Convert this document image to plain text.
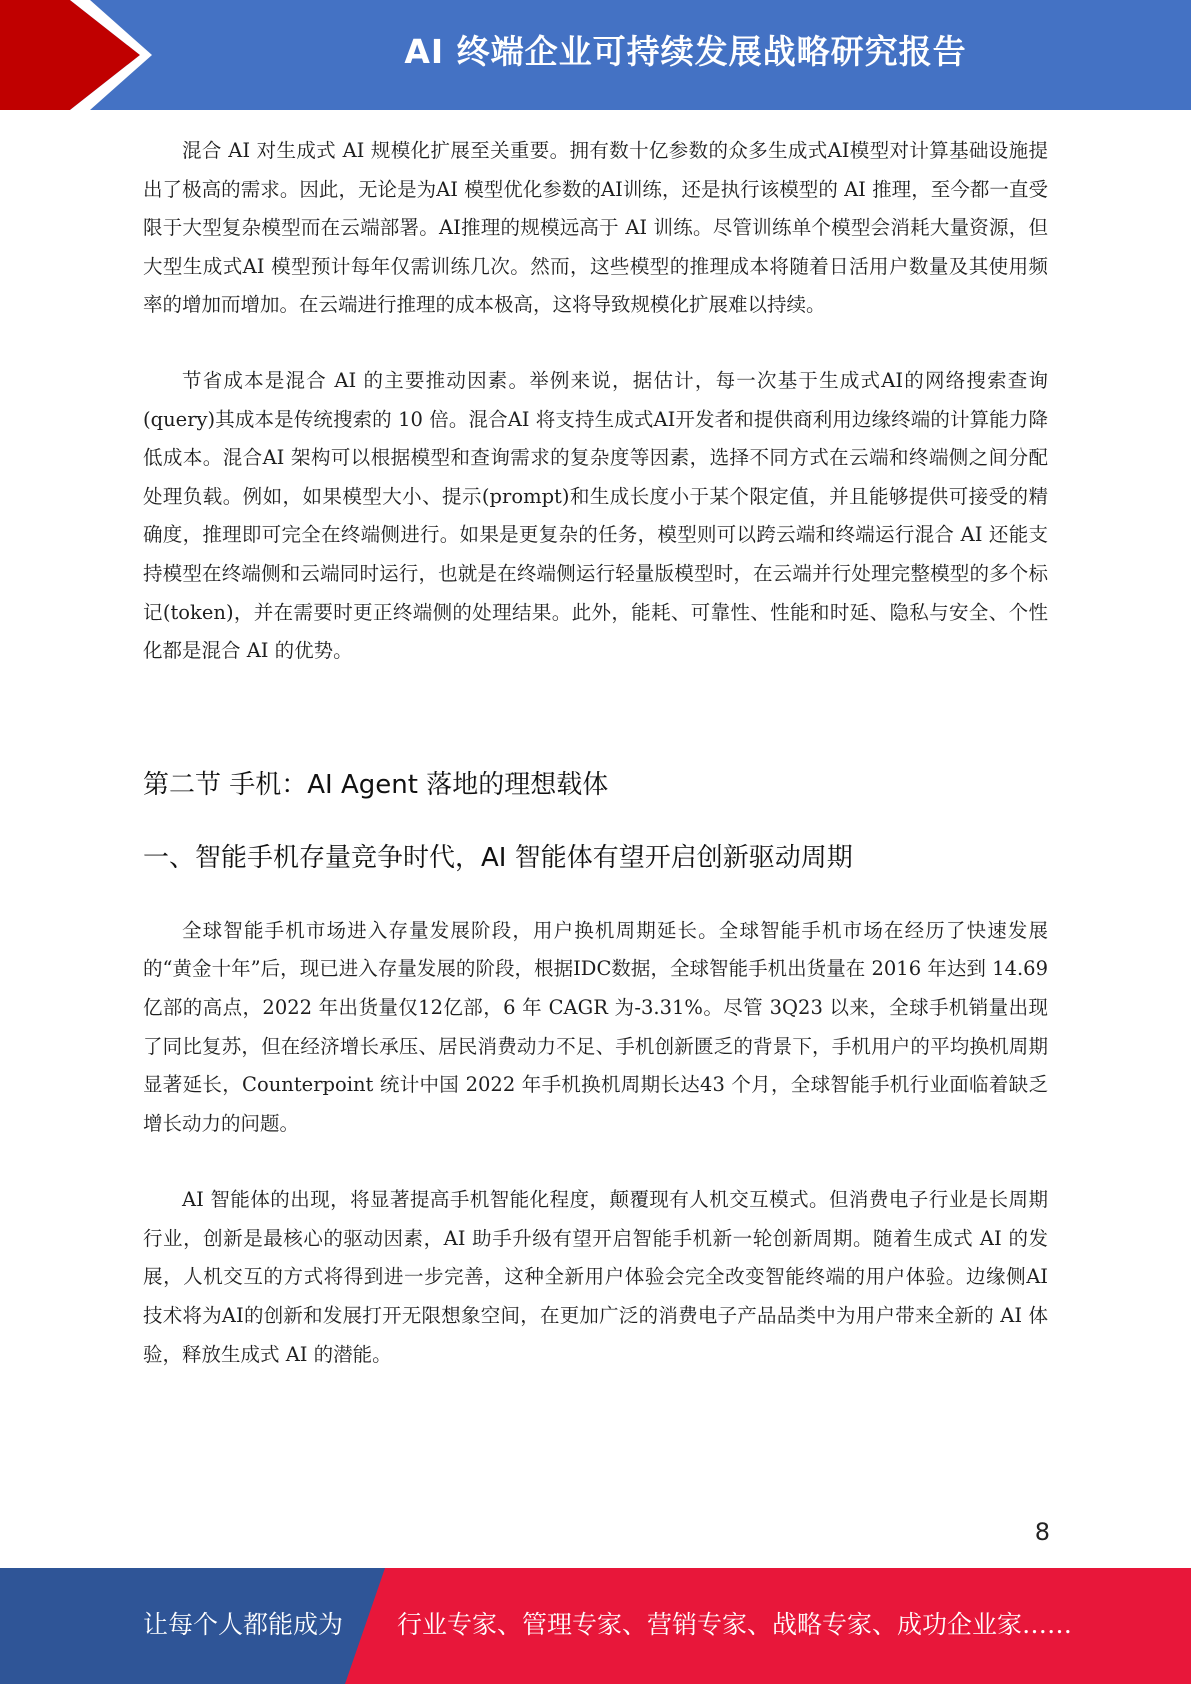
AI 终端企业可持续发展战略研究报告

混合 AI 对生成式 AI 规模化扩展至关重要。拥有数十亿参数的众多生成式AI模型对计算基础设施提出了极高的需求。因此，无论是为AI 模型优化参数的AI训练，还是执行该模型的 AI 推理，至今都一直受限于大型复杂模型而在云端部署。AI推理的规模远高于 AI 训练。尽管训练单个模型会消耗大量资源，但大型生成式AI 模型预计每年仅需训练几次。然而，这些模型的推理成本将随着日活用户数量及其使用频率的增加而增加。在云端进行推理的成本极高，这将导致规模化扩展难以持续。

节省成本是混合 AI 的主要推动因素。举例来说，据估计，每一次基于生成式AI的网络搜索查询(query)其成本是传统搜索的 10 倍。混合AI 将支持生成式AI开发者和提供商利用边缘终端的计算能力降低成本。混合AI 架构可以根据模型和查询需求的复杂度等因素，选择不同方式在云端和终端侧之间分配处理负载。例如，如果模型大小、提示(prompt)和生成长度小于某个限定值，并且能够提供可接受的精确度，推理即可完全在终端侧进行。如果是更复杂的任务，模型则可以跨云端和终端运行混合 AI 还能支持模型在终端侧和云端同时运行，也就是在终端侧运行轻量版模型时，在云端并行处理完整模型的多个标记(token)，并在需要时更正终端侧的处理结果。此外，能耗、可靠性、性能和时延、隐私与安全、个性化都是混合 AI 的优势。

第二节 手机：AI Agent 落地的理想载体
一、智能手机存量竞争时代，AI 智能体有望开启创新驱动周期

全球智能手机市场进入存量发展阶段，用户换机周期延长。全球智能手机市场在经历了快速发展的“黄金十年”后，现已进入存量发展的阶段，根据IDC数据，全球智能手机出货量在 2016 年达到 14.69 亿部的高点，2022 年出货量仅12亿部，6 年 CAGR 为-3.31%。尽管 3Q23 以来，全球手机销量出现了同比复苏，但在经济增长承压、居民消费动力不足、手机创新匮乏的背景下，手机用户的平均换机周期显著延长，Counterpoint 统计中国 2022 年手机换机周期长达43 个月，全球智能手机行业面临着缺乏增长动力的问题。

AI 智能体的出现，将显著提高手机智能化程度，颠覆现有人机交互模式。但消费电子行业是长周期行业，创新是最核心的驱动因素，AI 助手升级有望开启智能手机新一轮创新周期。随着生成式 AI 的发展，人机交互的方式将得到进一步完善，这种全新用户体验会完全改变智能终端的用户体验。边缘侧AI 技术将为AI的创新和发展打开无限想象空间，在更加广泛的消费电子产品品类中为用户带来全新的 AI 体验，释放生成式 AI 的潜能。

8
让每个人都能成为 行业专家、管理专家、营销专家、战略专家、成功企业家……
